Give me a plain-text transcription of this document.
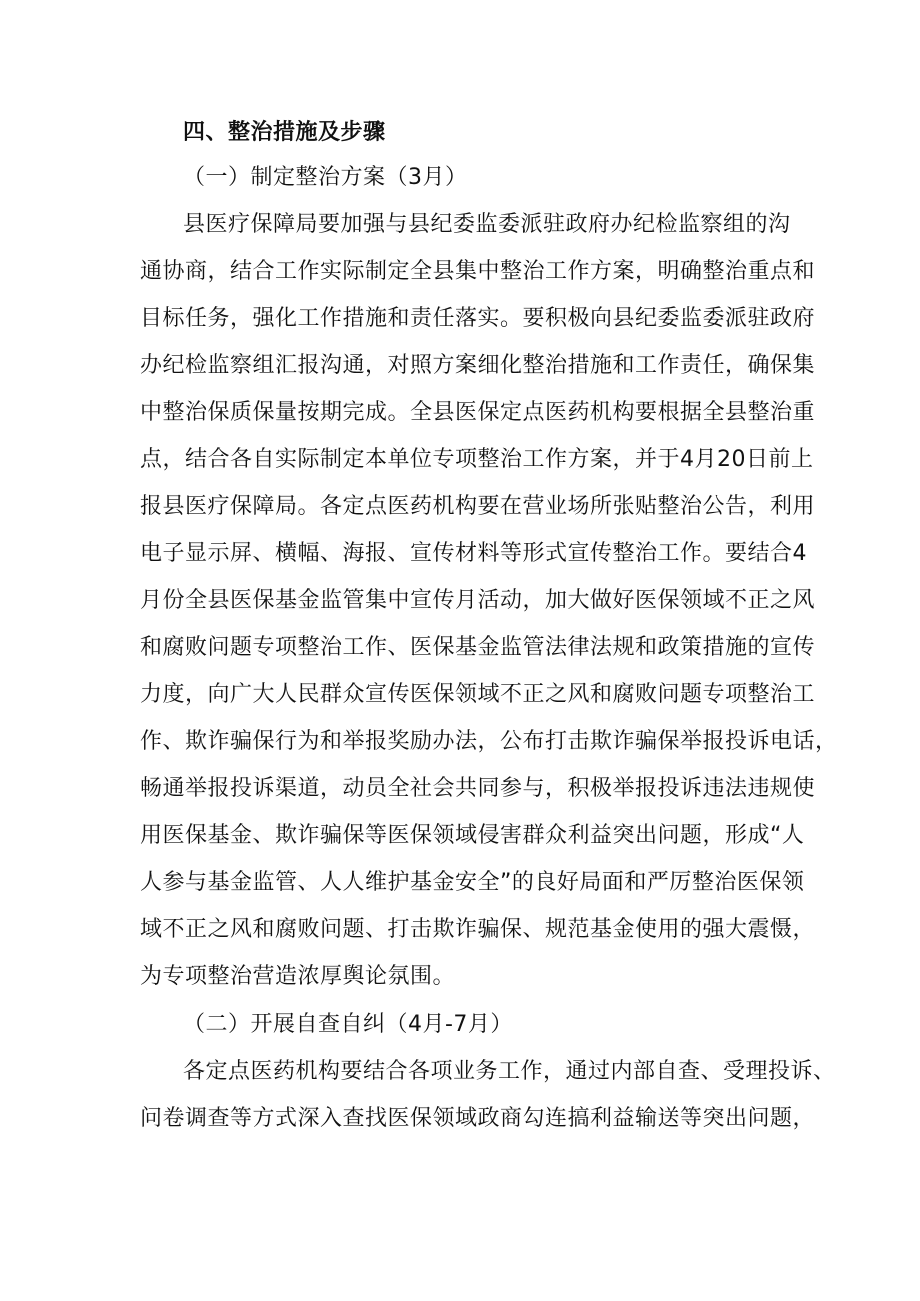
四、整治措施及步骤
（一）制定整治方案（3月）
县医疗保障局要加强与县纪委监委派驻政府办纪检监察组的沟
通协商，结合工作实际制定全县集中整治工作方案，明确整治重点和
目标任务，强化工作措施和责任落实。要积极向县纪委监委派驻政府
办纪检监察组汇报沟通，对照方案细化整治措施和工作责任，确保集
中整治保质保量按期完成。全县医保定点医药机构要根据全县整治重
点，结合各自实际制定本单位专项整治工作方案，并于4月20日前上
报县医疗保障局。各定点医药机构要在营业场所张贴整治公告，利用
电子显示屏、横幅、海报、宣传材料等形式宣传整治工作。要结合4
月份全县医保基金监管集中宣传月活动，加大做好医保领域不正之风
和腐败问题专项整治工作、医保基金监管法律法规和政策措施的宣传
力度，向广大人民群众宣传医保领域不正之风和腐败问题专项整治工
作、欺诈骗保行为和举报奖励办法，公布打击欺诈骗保举报投诉电话，
畅通举报投诉渠道，动员全社会共同参与，积极举报投诉违法违规使
用医保基金、欺诈骗保等医保领域侵害群众利益突出问题，形成“人
人参与基金监管、人人维护基金安全”的良好局面和严厉整治医保领
域不正之风和腐败问题、打击欺诈骗保、规范基金使用的强大震慑，
为专项整治营造浓厚舆论氛围。
（二）开展自查自纠（4月-7月）
各定点医药机构要结合各项业务工作，通过内部自查、受理投诉、
问卷调查等方式深入查找医保领域政商勾连搞利益输送等突出问题，
